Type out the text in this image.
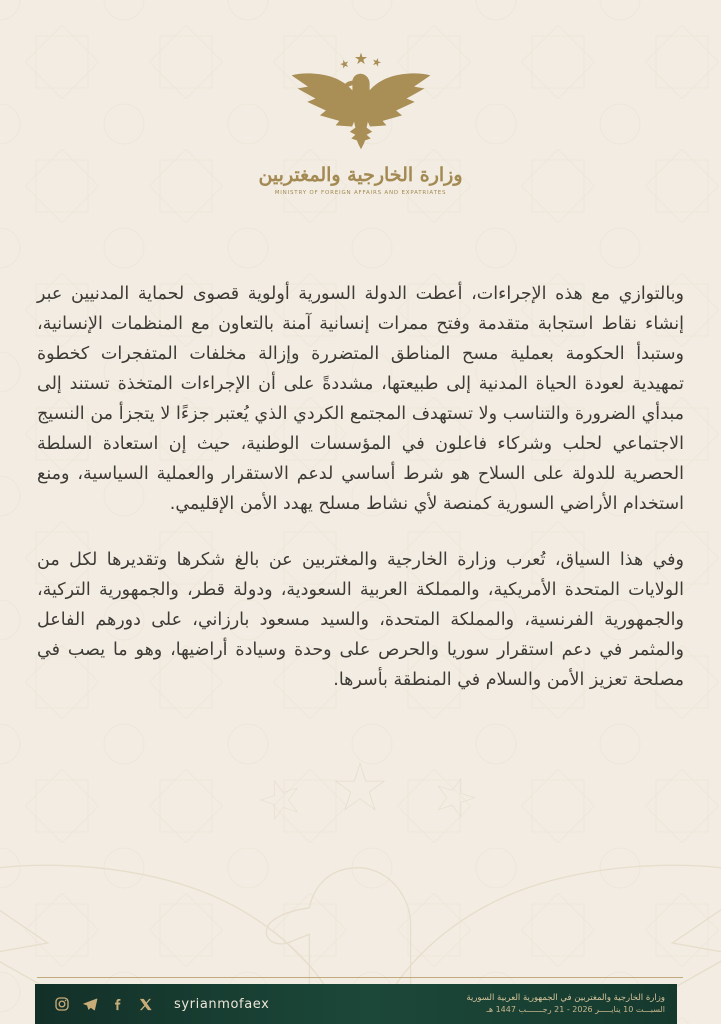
وزارة الخارجية والمغتربين
MINISTRY OF FOREIGN AFFAIRS AND EXPATRIATES

وبالتوازي مع هذه الإجراءات، أعطت الدولة السورية أولوية قصوى لحماية المدنيين عبر إنشاء نقاط استجابة متقدمة وفتح ممرات إنسانية آمنة بالتعاون مع المنظمات الإنسانية، وستبدأ الحكومة بعملية مسح المناطق المتضررة وإزالة مخلفات المتفجرات كخطوة تمهيدية لعودة الحياة المدنية إلى طبيعتها، مشددةً على أن الإجراءات المتخذة تستند إلى مبدأي الضرورة والتناسب ولا تستهدف المجتمع الكردي الذي يُعتبر جزءًا لا يتجزأ من النسيج الاجتماعي لحلب وشركاء فاعلون في المؤسسات الوطنية، حيث إن استعادة السلطة الحصرية للدولة على السلاح هو شرط أساسي لدعم الاستقرار والعملية السياسية، ومنع استخدام الأراضي السورية كمنصة لأي نشاط مسلح يهدد الأمن الإقليمي.

وفي هذا السياق، تُعرب وزارة الخارجية والمغتربين عن بالغ شكرها وتقديرها لكل من الولايات المتحدة الأمريكية، والمملكة العربية السعودية، ودولة قطر، والجمهورية التركية، والجمهورية الفرنسية، والمملكة المتحدة، والسيد مسعود بارزاني، على دورهم الفاعل والمثمر في دعم استقرار سوريا والحرص على وحدة وسيادة أراضيها، وهو ما يصب في مصلحة تعزيز الأمن والسلام في المنطقة بأسرها.

syrianmofaex	وزارة الخارجية والمغتربين في الجمهورية العربية السورية
السبـــت 10 ينايـــــر 2026 - 21 رجـــــــب 1447 هـ
